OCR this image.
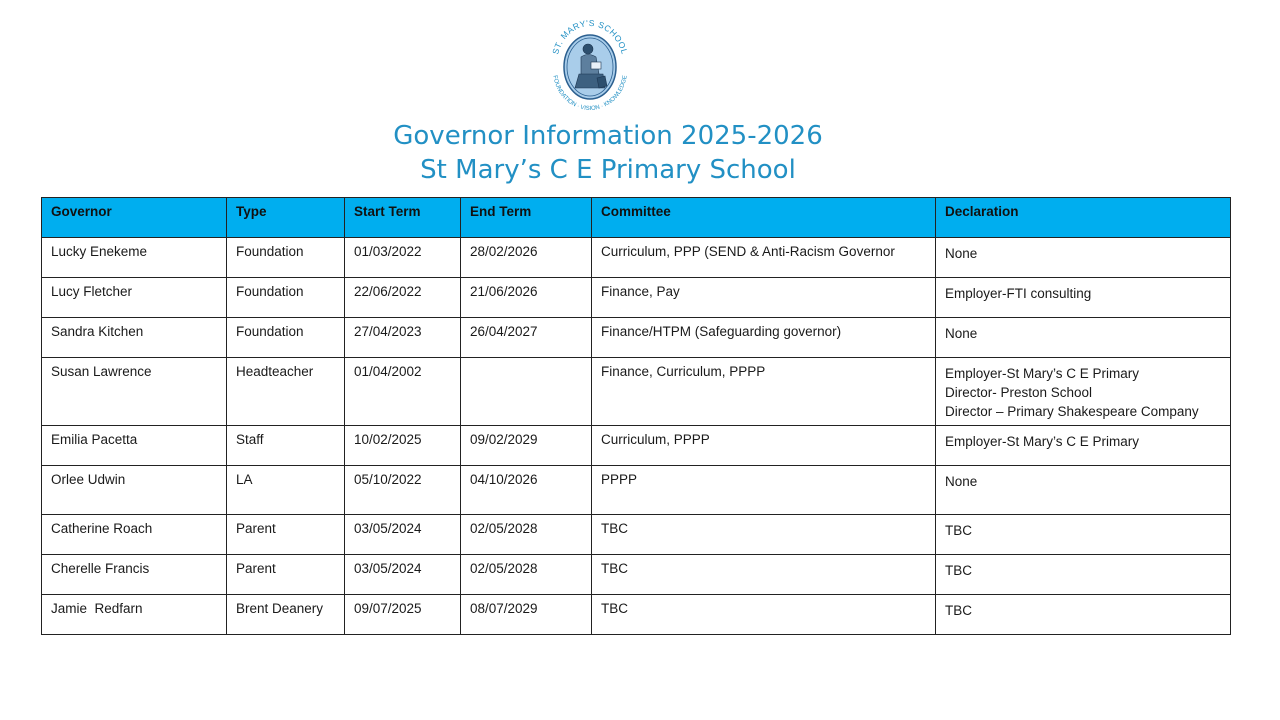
ST. MARY'S SCHOOL
FOUNDATION · VISION · KNOWLEDGE
Governor Information 2025-2026
St Mary’s C E Primary School
Governor	Type	Start Term	End Term	Committee	Declaration
Lucky Enekeme	Foundation	01/03/2022	28/02/2026	Curriculum, PPP (SEND & Anti-Racism Governor	None

Lucy Fletcher	Foundation	22/06/2022	21/06/2026	Finance, Pay	Employer-FTI consulting

Sandra Kitchen	Foundation	27/04/2023	26/04/2027	Finance/HTPM (Safeguarding governor)	None

Susan Lawrence	Headteacher	01/04/2002		Finance, Curriculum, PPPP	Employer-St Mary’s C E Primary
Director- Preston School
Director – Primary Shakespeare Company

Emilia Pacetta	Staff	10/02/2025	09/02/2029	Curriculum, PPPP	Employer-St Mary’s C E Primary

Orlee Udwin	LA	05/10/2022	04/10/2026	PPPP	None

Catherine Roach	Parent	03/05/2024	02/05/2028	TBC	TBC

Cherelle Francis	Parent	03/05/2024	02/05/2028	TBC	TBC

Jamie  Redfarn	Brent Deanery	09/07/2025	08/07/2029	TBC	TBC
